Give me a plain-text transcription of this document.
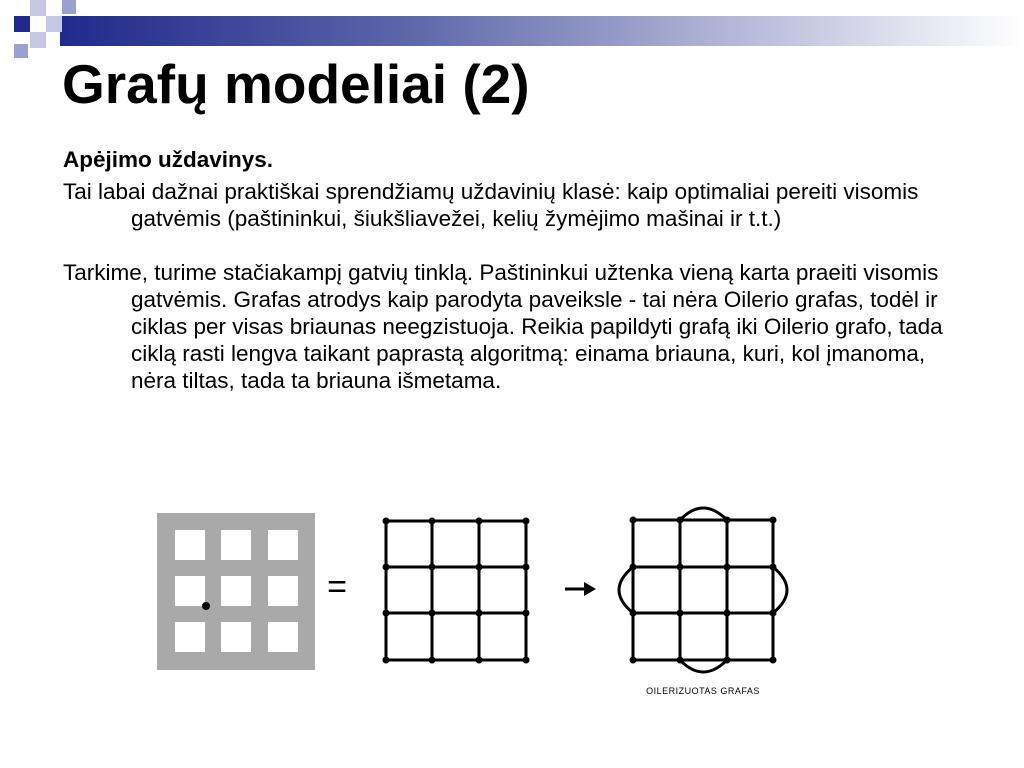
Grafų modeliai (2)

Apėjimo uždavinys.

Tai labai dažnai praktiškai sprendžiamų uždavinių klasė: kaip optimaliai pereiti visomis gatvėmis (paštininkui, šiukšliavežei, kelių žymėjimo mašinai ir t.t.)

Tarkime, turime stačiakampį gatvių tinklą. Paštininkui užtenka vieną karta praeiti visomis gatvėmis. Grafas atrodys kaip parodyta paveiksle - tai nėra Oilerio grafas, todėl ir ciklas per visas briaunas neegzistuoja. Reikia papildyti grafą iki Oilerio grafo, tada ciklą rasti lengva taikant paprastą algoritmą: einama briauna, kuri, kol įmanoma, nėra tiltas, tada ta briauna išmetama.

=
OILERIZUOTAS GRAFAS
